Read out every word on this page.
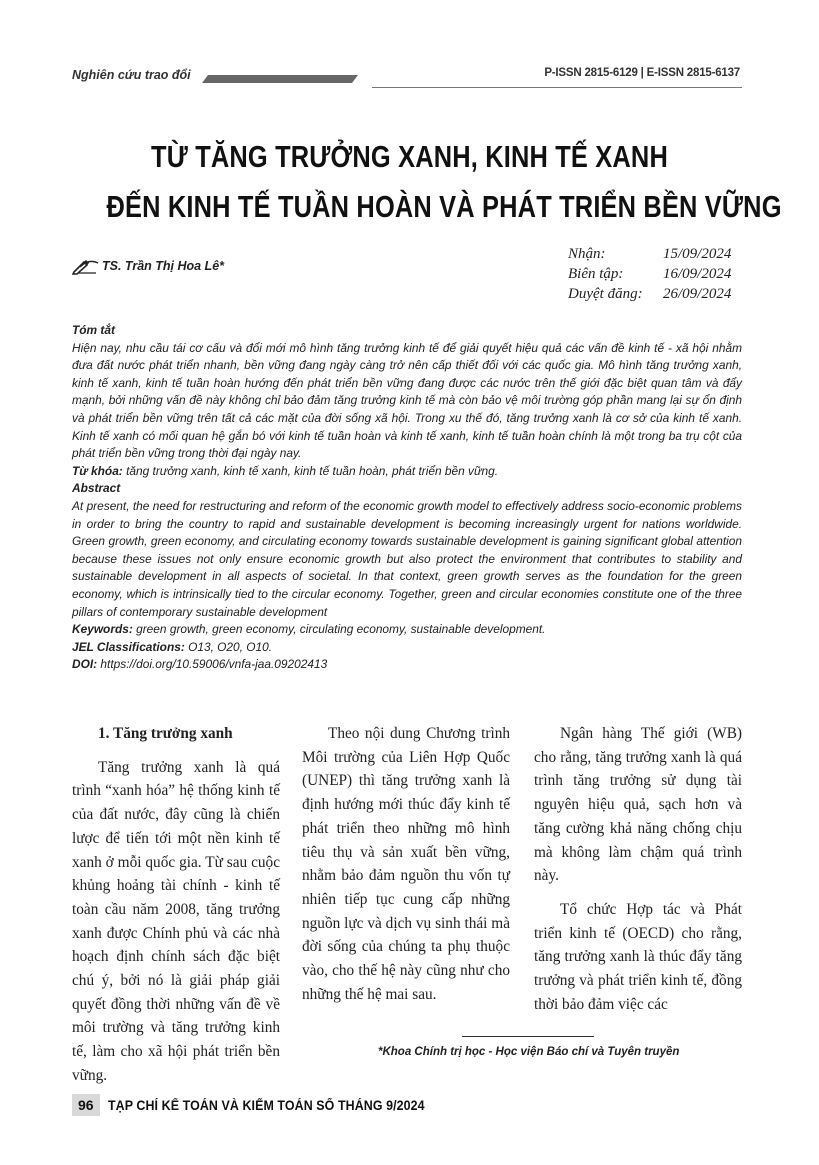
Nghiên cứu trao đổi	P-ISSN 2815-6129 | E-ISSN 2815-6137
TỪ TĂNG TRƯỞNG XANH, KINH TẾ XANH
ĐẾN KINH TẾ TUẦN HOÀN VÀ PHÁT TRIỂN BỀN VỮNG
TS. Trần Thị Hoa Lê*
Nhận:	15/09/2024
Biên tập:	16/09/2024
Duyệt đăng:	26/09/2024

Tóm tắt

Hiện nay, nhu cầu tái cơ cấu và đổi mới mô hình tăng trưởng kinh tế để giải quyết hiệu quả các vấn đề kinh tế - xã hội nhằm đưa đất nước phát triển nhanh, bền vững đang ngày càng trở nên cấp thiết đối với các quốc gia. Mô hình tăng trưởng xanh, kinh tế xanh, kinh tế tuần hoàn hướng đến phát triển bền vững đang được các nước trên thế giới đặc biệt quan tâm và đẩy mạnh, bởi những vấn đề này không chỉ bảo đảm tăng trưởng kinh tế mà còn bảo vệ môi trường góp phần mang lại sự ổn định và phát triển bền vững trên tất cả các mặt của đời sống xã hội. Trong xu thế đó, tăng trưởng xanh là cơ sở của kinh tế xanh. Kinh tế xanh có mối quan hệ gắn bó với kinh tế tuần hoàn và kinh tế xanh, kinh tế tuần hoàn chính là một trong ba trụ cột của phát triển bền vững trong thời đại ngày nay.

Từ khóa: tăng trưởng xanh, kinh tế xanh, kinh tế tuần hoàn, phát triển bền vững.

Abstract

At present, the need for restructuring and reform of the economic growth model to effectively address socio-economic problems in order to bring the country to rapid and sustainable development is becoming increasingly urgent for nations worldwide. Green growth, green economy, and circulating economy towards sustainable development is gaining significant global attention because these issues not only ensure economic growth but also protect the environment that contributes to stability and sustainable development in all aspects of societal. In that context, green growth serves as the foundation for the green economy, which is intrinsically tied to the circular economy. Together, green and circular economies constitute one of the three pillars of contemporary sustainable development

Keywords: green growth, green economy, circulating economy, sustainable development.

JEL Classifications: O13, O20, O10.

DOI: https://doi.org/10.59006/vnfa-jaa.09202413

1. Tăng trưởng xanh

Tăng trưởng xanh là quá trình “xanh hóa” hệ thống kinh tế của đất nước, đây cũng là chiến lược để tiến tới một nền kinh tế xanh ở mỗi quốc gia. Từ sau cuộc khủng hoảng tài chính - kinh tế toàn cầu năm 2008, tăng trưởng xanh được Chính phủ và các nhà hoạch định chính sách đặc biệt chú ý, bởi nó là giải pháp giải quyết đồng thời những vấn đề về môi trường và tăng trưởng kinh tế, làm cho xã hội phát triển bền vững.

Theo nội dung Chương trình Môi trường của Liên Hợp Quốc (UNEP) thì tăng trưởng xanh là định hướng mới thúc đẩy kinh tế phát triển theo những mô hình tiêu thụ và sản xuất bền vững, nhằm bảo đảm nguồn thu vốn tự nhiên tiếp tục cung cấp những nguồn lực và dịch vụ sinh thái mà đời sống của chúng ta phụ thuộc vào, cho thế hệ này cũng như cho những thế hệ mai sau.

Ngân hàng Thế giới (WB) cho rằng, tăng trưởng xanh là quá trình tăng trưởng sử dụng tài nguyên hiệu quả, sạch hơn và tăng cường khả năng chống chịu mà không làm chậm quá trình này.

Tổ chức Hợp tác và Phát triển kinh tế (OECD) cho rằng, tăng trưởng xanh là thúc đẩy tăng trưởng và phát triển kinh tế, đồng thời bảo đảm việc các

*Khoa Chính trị học - Học viện Báo chí và Tuyên truyền
96	TẠP CHÍ KẾ TOÁN VÀ KIỂM TOÁN SỐ THÁNG 9/2024
